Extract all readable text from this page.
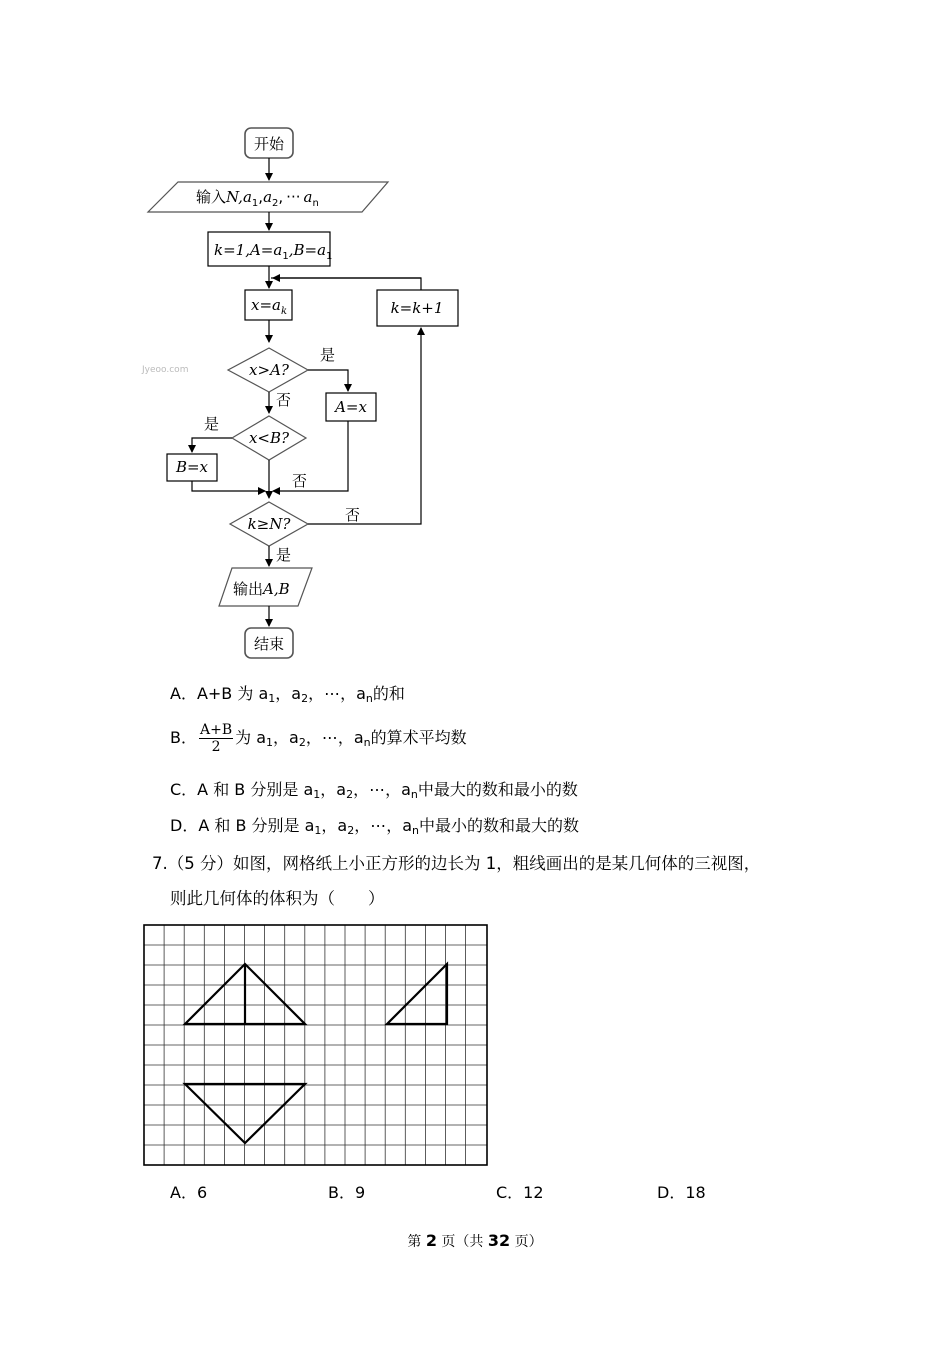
开始
输入$N,a_1,a_2$, ··· $a_n$
$k=1,A=a_1,B=a_1$
$x=a_k$	k=k+1
x>A?
是
否	A=x
x<B?
是
否
B=x
k≥N?	否
是
输出A,B
结束
Jyeoo.com
A．A+B 为 $a_1$，$a_2$，⋯，$a_n$的和
B． $\frac{A+B}{2}$ 为 $a_1$，$a_2$，⋯，$a_n$的算术平均数
C．A 和 B 分别是 $a_1$，$a_2$，⋯，$a_n$中最大的数和最小的数
D．A 和 B 分别是 $a_1$，$a_2$，⋯，$a_n$中最小的数和最大的数
7.（5 分）如图，网格纸上小正方形的边长为 1，粗线画出的是某几何体的三视图，
则此几何体的体积为（　　）
A．6	B．9	C．12	D．18
第 2 页（共 32 页）
